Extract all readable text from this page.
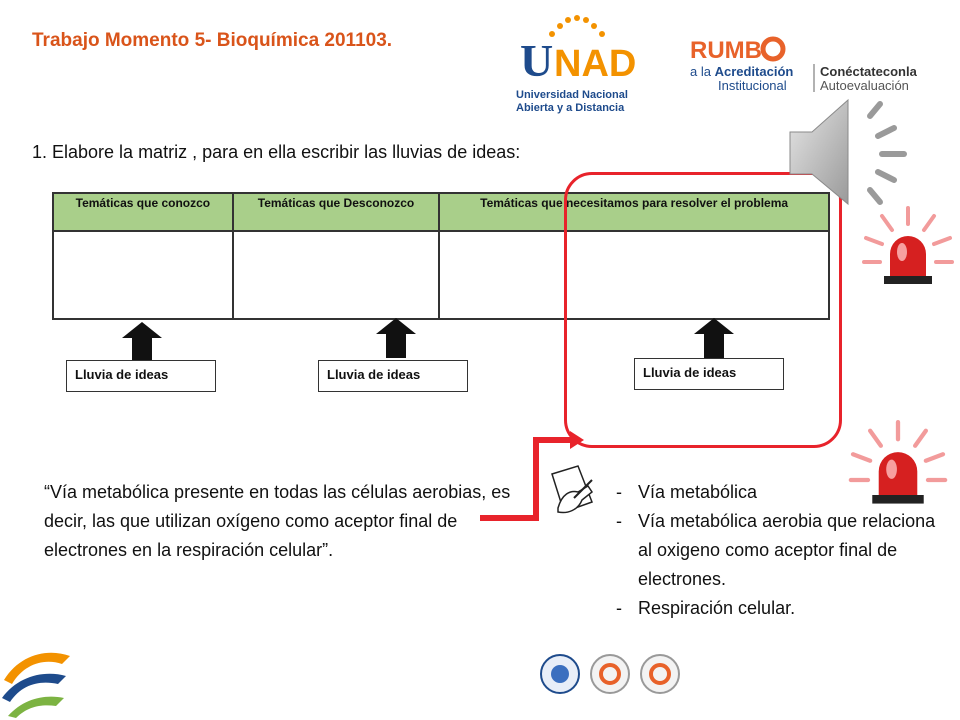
Trabajo Momento 5- Bioquímica 201103.	U NAD
Universidad Nacional
Abierta y a Distancia
RUMB
a la Acreditación
Institucional
Conéctateconla
Autoevaluación
1. Elabore la matriz , para en ella escribir las lluvias de ideas:
Temáticas que conozco	Temáticas que Desconozco	Temáticas que necesitamos para resolver el problema

Lluvia de ideas	Lluvia de ideas	Lluvia de ideas
“Vía metabólica presente en todas las células aerobias, es decir, las que utilizan oxígeno como aceptor final de electrones en la respiración celular”.
- Vía metabólica
- Vía metabólica aerobia que relaciona al oxigeno como aceptor final de electrones.
- Respiración celular.
